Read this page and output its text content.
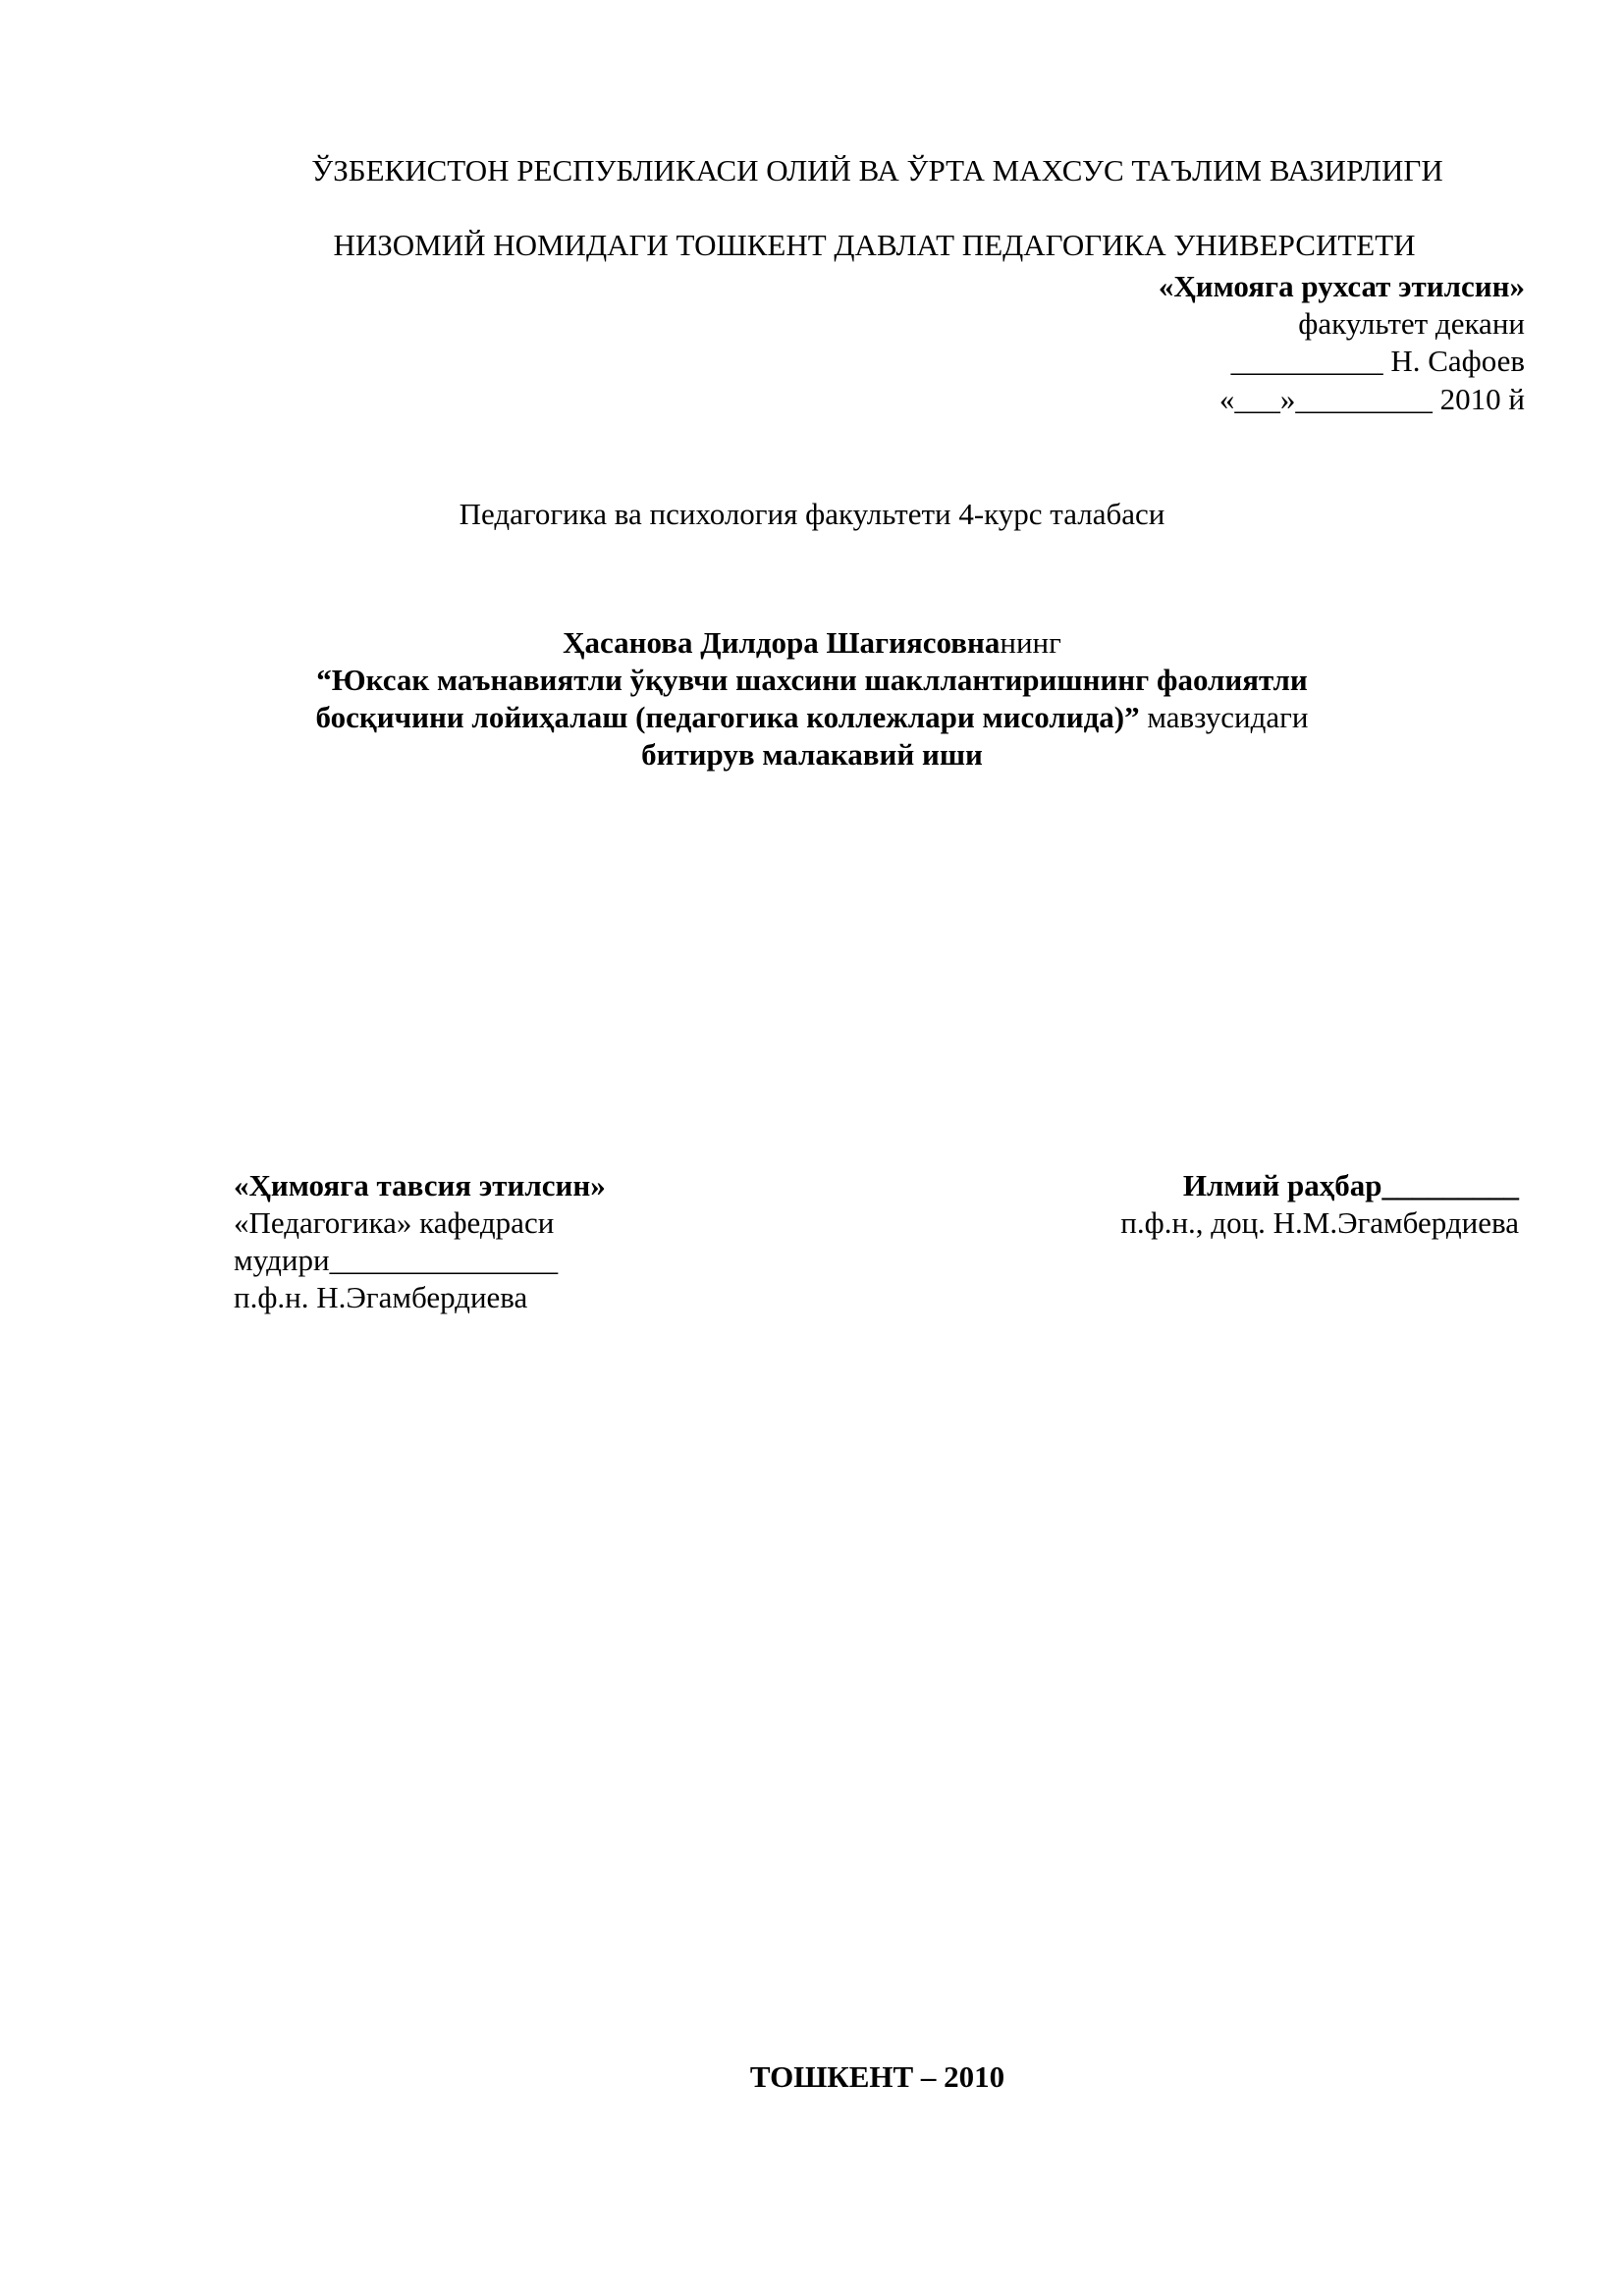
ЎЗБЕКИСТОН РЕСПУБЛИКАСИ ОЛИЙ ВА ЎРТА МАХСУС ТАЪЛИМ ВАЗИРЛИГИ
НИЗОМИЙ НОМИДАГИ ТОШКЕНТ ДАВЛАТ ПЕДАГОГИКА УНИВЕРСИТЕТИ
«Ҳимояга рухсат этилсин»
факультет декани
__________ Н. Сафоев
«___»_________ 2010 й
Педагогика ва психология факультети 4-курс талабаси
Ҳасанова Дилдора Шагиясовнанинг
“Юксак маънавиятли ўқувчи шахсини шакллантиришнинг фаолиятли
босқичини лойиҳалаш (педагогика коллежлари мисолида)” мавзусидаги
битирув малакавий иши
«Ҳимояга тавсия этилсин»
«Педагогика» кафедраси
мудири_______________
п.ф.н. Н.Эгамбердиева
Илмий раҳбар_________
п.ф.н., доц. Н.М.Эгамбердиева
ТОШКЕНТ – 2010
